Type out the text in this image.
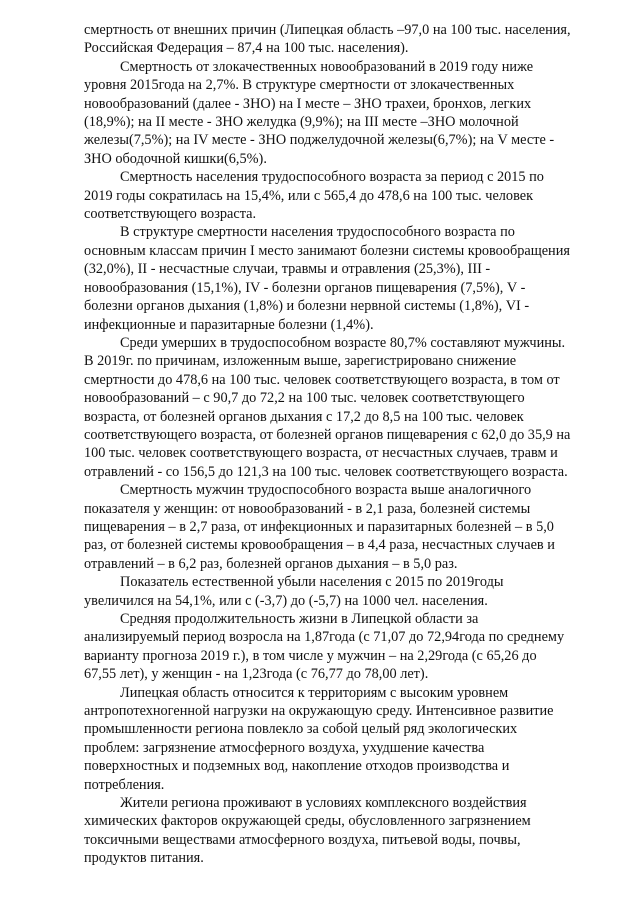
смертность от внешних причин (Липецкая область –97,0 на 100 тыс. населения,
Российская Федерация – 87,4 на 100 тыс. населения).

Смертность от злокачественных новообразований в 2019 году ниже
уровня 2015года на 2,7%. В структуре смертности от злокачественных
новообразований (далее - ЗНО) на I месте – ЗНО трахеи, бронхов, легких
(18,9%); на II месте - ЗНО желудка (9,9%); на III месте –ЗНО молочной
железы(7,5%); на IV месте - ЗНО поджелудочной железы(6,7%); на V месте -
ЗНО ободочной кишки(6,5%).

Смертность населения трудоспособного возраста за период с 2015 по
2019 годы сократилась на 15,4%, или с 565,4 до 478,6 на 100 тыс. человек
соответствующего возраста.

В структуре смертности населения трудоспособного возраста по
основным классам причин I место занимают болезни системы кровообращения
(32,0%), II - несчастные случаи, травмы и отравления (25,3%), III -
новообразования (15,1%), IV - болезни органов пищеварения (7,5%), V -
болезни органов дыхания (1,8%) и болезни нервной системы (1,8%), VI -
инфекционные и паразитарные болезни (1,4%).

Среди умерших в трудоспособном возрасте 80,7% составляют мужчины.
В 2019г. по причинам, изложенным выше, зарегистрировано снижение
смертности до 478,6 на 100 тыс. человек соответствующего возраста, в том от
новообразований – с 90,7 до 72,2 на 100 тыс. человек соответствующего
возраста, от болезней органов дыхания с 17,2 до 8,5 на 100 тыс. человек
соответствующего возраста, от болезней органов пищеварения с 62,0 до 35,9 на
100 тыс. человек соответствующего возраста, от несчастных случаев, травм и
отравлений - со 156,5 до 121,3 на 100 тыс. человек соответствующего возраста.

Смертность мужчин трудоспособного возраста выше аналогичного
показателя у женщин: от новообразований - в 2,1 раза, болезней системы
пищеварения – в 2,7 раза, от инфекционных и паразитарных болезней – в 5,0
раз, от болезней системы кровообращения – в 4,4 раза, несчастных случаев и
отравлений – в 6,2 раз, болезней органов дыхания – в 5,0 раз.

Показатель естественной убыли населения с 2015 по 2019годы
увеличился на 54,1%, или с (-3,7) до (-5,7) на 1000 чел. населения.

Средняя продолжительность жизни в Липецкой области за
анализируемый период возросла на 1,87года (с 71,07 до 72,94года по среднему
варианту прогноза 2019 г.), в том числе у мужчин – на 2,29года (с 65,26 до
67,55 лет), у женщин - на 1,23года (с 76,77 до 78,00 лет).

Липецкая область относится к территориям с высоким уровнем
антропотехногенной нагрузки на окружающую среду. Интенсивное развитие
промышленности региона повлекло за собой целый ряд экологических
проблем: загрязнение атмосферного воздуха, ухудшение качества
поверхностных и подземных вод, накопление отходов производства и
потребления.

Жители региона проживают в условиях комплексного воздействия
химических факторов окружающей среды, обусловленного загрязнением
токсичными веществами атмосферного воздуха, питьевой воды, почвы,
продуктов питания.
